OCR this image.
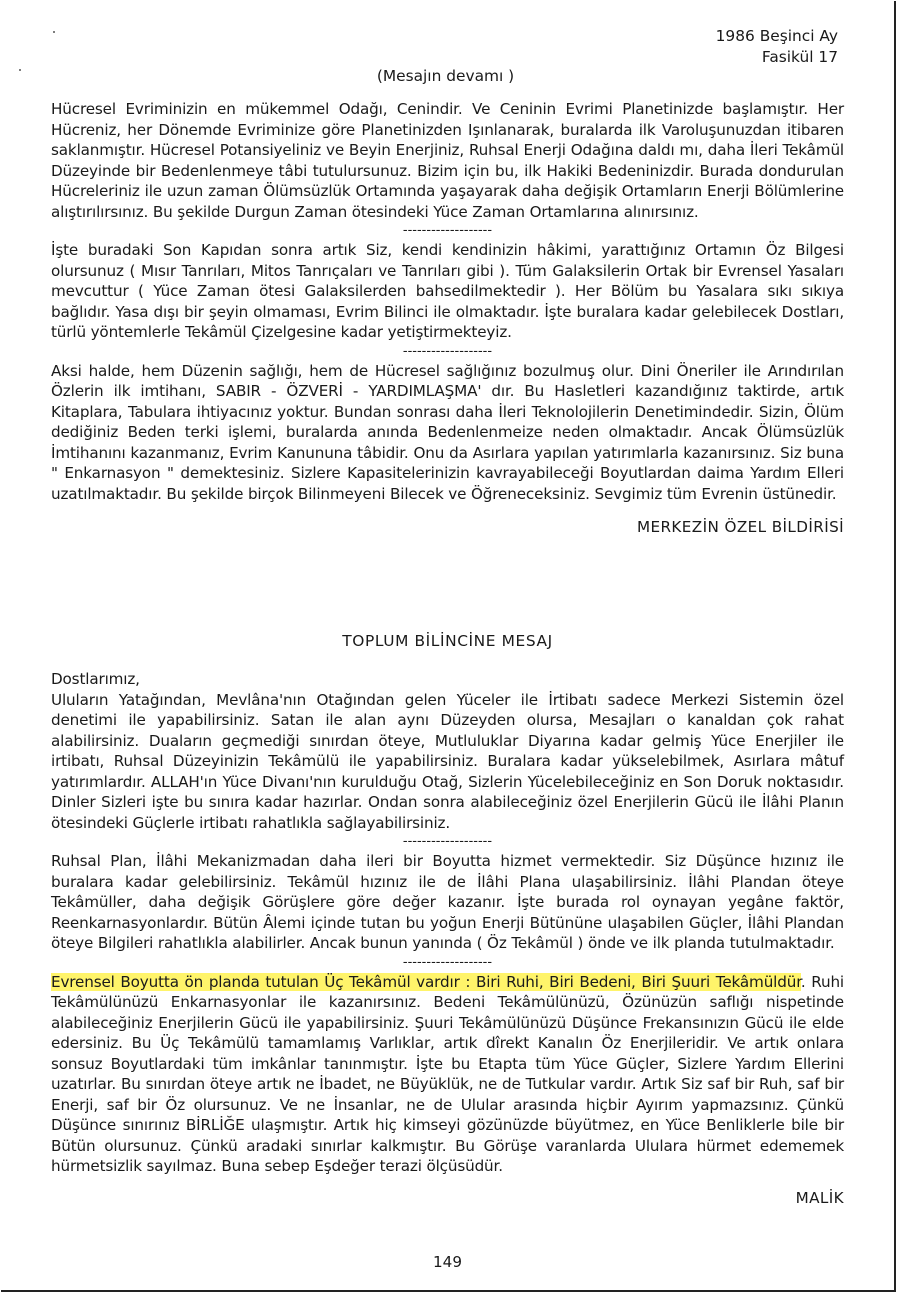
1986 Beşinci Ay
Fasikül 17
(Mesajın devamı )

Hücresel Evriminizin en mükemmel Odağı, Cenindir. Ve Ceninin Evrimi Planetinizde başlamıştır. Her Hücreniz, her Dönemde Evriminize göre Planetinizden Işınlanarak, buralarda ilk Varoluşunuzdan itibaren saklanmıştır. Hücresel Potansiyeliniz ve Beyin Enerjiniz, Ruhsal Enerji Odağına daldı mı, daha İleri Tekâmül Düzeyinde bir Bedenlenmeye tâbi tutulursunuz. Bizim için bu, ilk Hakiki Bedeninizdir. Burada dondurulan Hücreleriniz ile uzun zaman Ölümsüzlük Ortamında yaşayarak daha değişik Ortamların Enerji Bölümlerine alıştırılırsınız. Bu şekilde Durgun Zaman ötesindeki Yüce Zaman Ortamlarına alınırsınız.

-------------------

İşte buradaki Son Kapıdan sonra artık Siz, kendi kendinizin hâkimi, yarattığınız Ortamın Öz Bilgesi olursunuz ( Mısır Tanrıları, Mitos Tanrıçaları ve Tanrıları gibi ). Tüm Galaksilerin Ortak bir Evrensel Yasaları mevcuttur ( Yüce Zaman ötesi Galaksilerden bahsedilmektedir ). Her Bölüm bu Yasalara sıkı sıkıya bağlıdır. Yasa dışı bir şeyin olmaması, Evrim Bilinci ile olmaktadır. İşte buralara kadar gelebilecek Dostları, türlü yöntemlerle Tekâmül Çizelgesine kadar yetiştirmekteyiz.

-------------------

Aksi halde, hem Düzenin sağlığı, hem de Hücresel sağlığınız bozulmuş olur. Dini Öneriler ile Arındırılan Özlerin ilk imtihanı, SABIR - ÖZVERİ - YARDIMLAŞMA' dır. Bu Hasletleri kazandığınız taktirde, artık Kitaplara, Tabulara ihtiyacınız yoktur. Bundan sonrası daha İleri Teknolojilerin Denetimindedir. Sizin, Ölüm dediğiniz Beden terki işlemi, buralarda anında Bedenlenmeize neden olmaktadır. Ancak Ölümsüzlük İmtihanını kazanmanız, Evrim Kanununa tâbidir. Onu da Asırlara yapılan yatırımlarla kazanırsınız. Siz buna " Enkarnasyon " demektesiniz. Sizlere Kapasitelerinizin kavrayabileceği Boyutlardan daima Yardım Elleri uzatılmaktadır. Bu şekilde birçok Bilinmeyeni Bilecek ve Öğreneceksiniz. Sevgimiz tüm Evrenin üstünedir.

MERKEZİN ÖZEL BİLDİRİSİ
TOPLUM BİLİNCİNE MESAJ

Dostlarımız,

Uluların Yatağından, Mevlâna'nın Otağından gelen Yüceler ile İrtibatı sadece Merkezi Sistemin özel denetimi ile yapabilirsiniz. Satan ile alan aynı Düzeyden olursa, Mesajları o kanaldan çok rahat alabilirsiniz. Duaların geçmediği sınırdan öteye, Mutluluklar Diyarına kadar gelmiş Yüce Enerjiler ile irtibatı, Ruhsal Düzeyinizin Tekâmülü ile yapabilirsiniz. Buralara kadar yükselebilmek, Asırlara mâtuf yatırımlardır. ALLAH'ın Yüce Divanı'nın kurulduğu Otağ, Sizlerin Yücelebileceğiniz en Son Doruk noktasıdır. Dinler Sizleri işte bu sınıra kadar hazırlar. Ondan sonra alabileceğiniz özel Enerjilerin Gücü ile İlâhi Planın ötesindeki Güçlerle irtibatı rahatlıkla sağlayabilirsiniz.

-------------------

Ruhsal Plan, İlâhi Mekanizmadan daha ileri bir Boyutta hizmet vermektedir. Siz Düşünce hızınız ile buralara kadar gelebilirsiniz. Tekâmül hızınız ile de İlâhi Plana ulaşabilirsiniz. İlâhi Plandan öteye Tekâmüller, daha değişik Görüşlere göre değer kazanır. İşte burada rol oynayan yegâne faktör, Reenkarnasyonlardır. Bütün Âlemi içinde tutan bu yoğun Enerji Bütününe ulaşabilen Güçler, İlâhi Plandan öteye Bilgileri rahatlıkla alabilirler. Ancak bunun yanında ( Öz Tekâmül ) önde ve ilk planda tutulmaktadır.

-------------------

Evrensel Boyutta ön planda tutulan Üç Tekâmül vardır : Biri Ruhi, Biri Bedeni, Biri Şuuri Tekâmüldür. Ruhi Tekâmülünüzü Enkarnasyonlar ile kazanırsınız. Bedeni Tekâmülünüzü, Özünüzün saflığı nispetinde alabileceğiniz Enerjilerin Gücü ile yapabilirsiniz. Şuuri Tekâmülünüzü Düşünce Frekansınızın Gücü ile elde edersiniz. Bu Üç Tekâmülü tamamlamış Varlıklar, artık dîrekt Kanalın Öz Enerjileridir. Ve artık onlara sonsuz Boyutlardaki tüm imkânlar tanınmıştır. İşte bu Etapta tüm Yüce Güçler, Sizlere Yardım Ellerini uzatırlar. Bu sınırdan öteye artık ne İbadet, ne Büyüklük, ne de Tutkular vardır. Artık Siz saf bir Ruh, saf bir Enerji, saf bir Öz olursunuz. Ve ne İnsanlar, ne de Ulular arasında hiçbir Ayırım yapmazsınız. Çünkü Düşünce sınırınız BİRLİĞE ulaşmıştır. Artık hiç kimseyi gözünüzde büyütmez, en Yüce Benliklerle bile bir Bütün olursunuz. Çünkü aradaki sınırlar kalkmıştır. Bu Görüşe varanlarda Ululara hürmet edememek hürmetsizlik sayılmaz. Buna sebep Eşdeğer terazi ölçüsüdür.

MALİK
149
